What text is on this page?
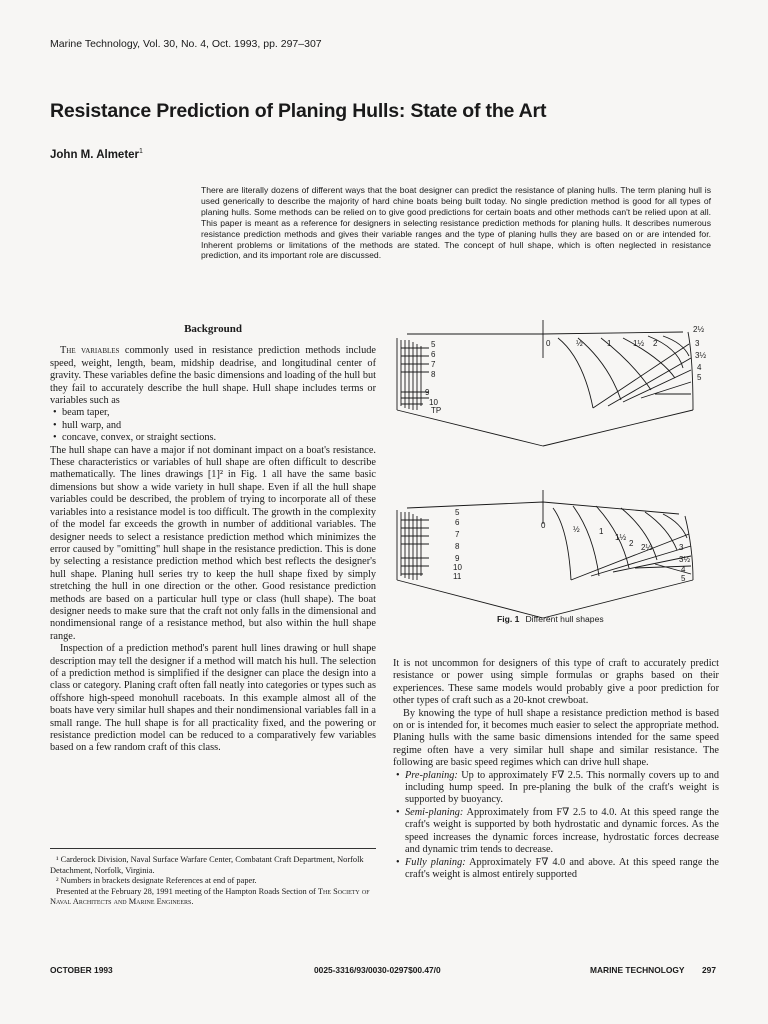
Marine Technology, Vol. 30, No. 4, Oct. 1993, pp. 297–307
Resistance Prediction of Planing Hulls: State of the Art
John M. Almeter$^1$

There are literally dozens of different ways that the boat designer can predict the resistance of planing hulls. The term planing hull is used generically to describe the majority of hard chine boats being built today. No single prediction method is good for all types of planing hulls. Some methods can be relied on to give good predictions for certain boats and other methods can't be relied upon at all. This paper is meant as a reference for designers in selecting resistance prediction methods for planing hulls. It describes numerous resistance prediction methods and gives their variable ranges and the type of planing hulls they are based on or are intended for. Inherent problems or limitations of the methods are stated. The concept of hull shape, which is often neglected in resistance prediction, and its important role are discussed.

Background

The variables commonly used in resistance prediction methods include speed, weight, length, beam, midship deadrise, and longitudinal center of gravity. These variables define the basic dimensions and loading of the hull but they fail to accurately describe the hull shape. Hull shape includes terms or variables such as

• beam taper,
• hull warp, and
• concave, convex, or straight sections.

The hull shape can have a major if not dominant impact on a boat's resistance. These characteristics or variables of hull shape are often difficult to describe mathematically. The lines drawings [1]² in Fig. 1 all have the same basic dimensions but show a wide variety in hull shape. Even if all the hull shape variables could be described, the problem of trying to incorporate all of these variables into a resistance model is too difficult. The growth in the complexity of the model far exceeds the growth in number of additional variables. The designer needs to select a resistance prediction method which minimizes the error caused by "omitting" hull shape in the resistance prediction. This is done by selecting a resistance prediction method which best reflects the designer's hull shape. Planing hull series try to keep the hull shape fixed by simply stretching the hull in one direction or the other. Good resistance prediction methods are based on a particular hull type or class (hull shape). The boat designer needs to make sure that the craft not only falls in the dimensional and nondimensional range of a resistance method, but also within the hull shape range.

Inspection of a prediction method's parent hull lines drawing or hull shape description may tell the designer if a method will match his hull. The selection of a prediction method is simplified if the designer can place the design into a class or category. Planing craft often fall neatly into categories or types such as offshore high-speed monohull raceboats. In this example almost all of the boats have very similar hull shapes and their nondimensional variables fall in a small range. The hull shape is for all practicality fixed, and the powering or resistance prediction model can be reduced to a comparatively few variables based on a few random craft of this class.

¹ Carderock Division, Naval Surface Warfare Center, Combatant Craft Department, Norfolk Detachment, Norfolk, Virginia.

² Numbers in brackets designate References at end of paper.

Presented at the February 28, 1991 meeting of the Hampton Roads Section of The Society of Naval Architects and Marine Engineers.

5
6
7
8
9
10
TP
2½
3
3½
4
5
0	½	1	1½ 2
5
6
7
8
9
10
11
3
3½
4
5
0	½ 1
1½
2 2½
Fig. 1 Different hull shapes

It is not uncommon for designers of this type of craft to accurately predict resistance or power using simple formulas or graphs based on their experiences. These same models would probably give a poor prediction for other types of craft such as a 20-knot crewboat.

By knowing the type of hull shape a resistance prediction method is based on or is intended for, it becomes much easier to select the appropriate method. Planing hulls with the same basic dimensions intended for the same speed regime often have a very similar hull shape and similar resistance. The following are basic speed regimes which can drive hull shape.

• Pre-planing: Up to approximately F∇ 2.5. This normally covers up to and including hump speed. In pre-planing the bulk of the craft's weight is supported by buoyancy.
• Semi-planing: Approximately from F∇ 2.5 to 4.0. At this speed range the craft's weight is supported by both hydrostatic and dynamic forces. As the speed increases the dynamic forces increase, hydrostatic forces decrease and dynamic trim tends to decrease.
• Fully planing: Approximately F∇ 4.0 and above. At this speed range the craft's weight is almost entirely supported
OCTOBER 1993	0025-3316/93/0030-0297$00.47/0	MARINE TECHNOLOGY 297
